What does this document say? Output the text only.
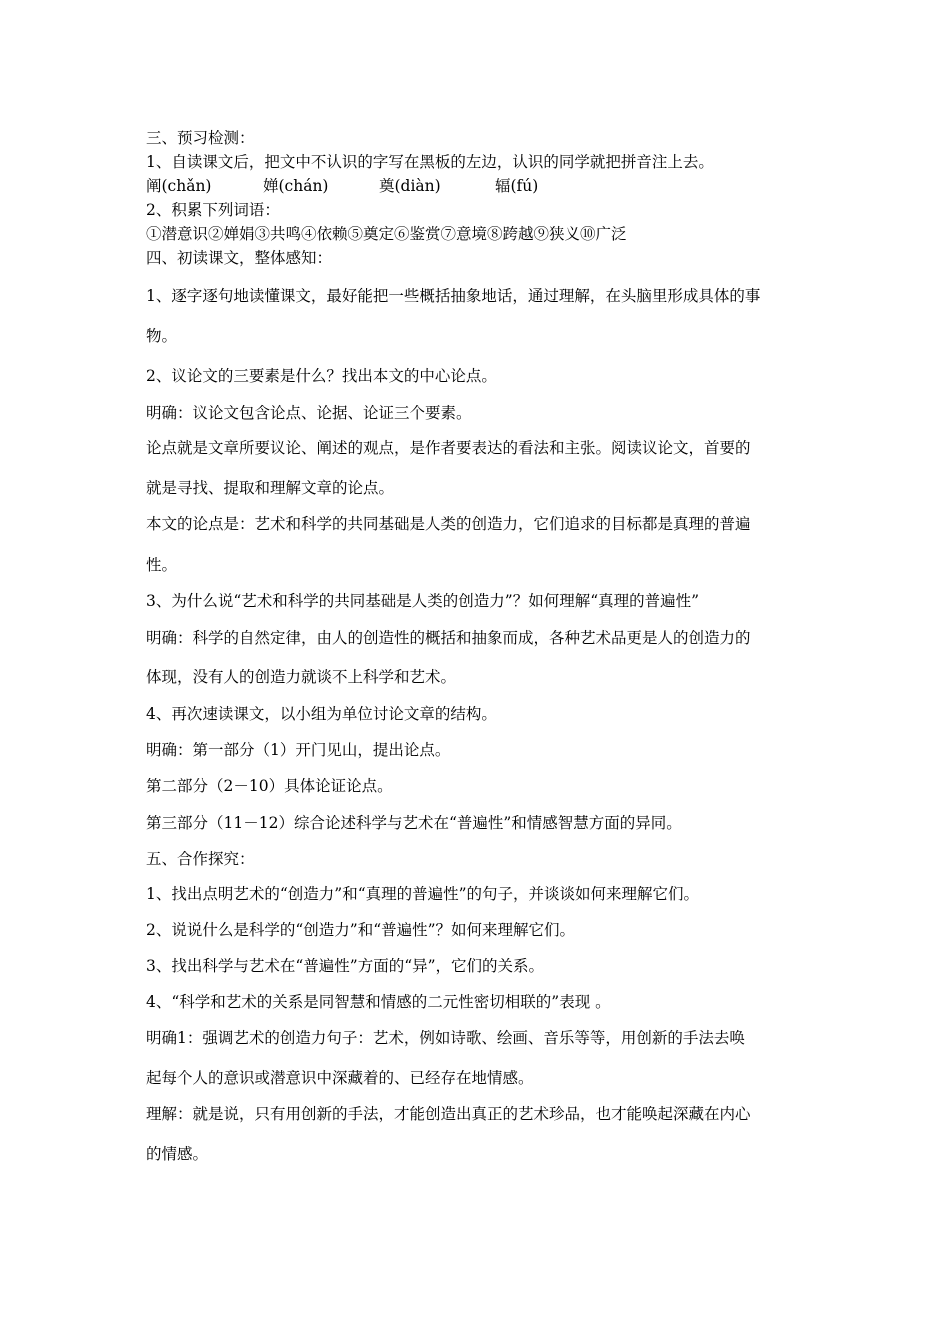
三、预习检测：
1、自读课文后，把文中不认识的字写在黑板的左边，认识的同学就把拼音注上去。
阐(chǎn)	婵(chán)	奠(diàn)	辐(fú)
2、积累下列词语：
①潜意识②婵娟③共鸣④依赖⑤奠定⑥鉴赏⑦意境⑧跨越⑨狭义⑩广泛
四、初读课文，整体感知：
1、逐字逐句地读懂课文，最好能把一些概括抽象地话，通过理解，在头脑里形成具体的事
物。
2、议论文的三要素是什么？找出本文的中心论点。
明确：议论文包含论点、论据、论证三个要素。
论点就是文章所要议论、阐述的观点，是作者要表达的看法和主张。阅读议论文，首要的
就是寻找、提取和理解文章的论点。
本文的论点是：艺术和科学的共同基础是人类的创造力，它们追求的目标都是真理的普遍
性。
3、为什么说“艺术和科学的共同基础是人类的创造力”？如何理解“真理的普遍性”
明确：科学的自然定律，由人的创造性的概括和抽象而成，各种艺术品更是人的创造力的
体现，没有人的创造力就谈不上科学和艺术。
4、再次速读课文，以小组为单位讨论文章的结构。
明确：第一部分（1）开门见山，提出论点。
第二部分（2－10）具体论证论点。
第三部分（11－12）综合论述科学与艺术在“普遍性”和情感智慧方面的异同。
五、合作探究：
1、找出点明艺术的“创造力”和“真理的普遍性”的句子，并谈谈如何来理解它们。
2、说说什么是科学的“创造力”和“普遍性”？如何来理解它们。
3、找出科学与艺术在“普遍性”方面的“异”，它们的关系。
4、“科学和艺术的关系是同智慧和情感的二元性密切相联的”表现 。
明确1：强调艺术的创造力句子：艺术，例如诗歌、绘画、音乐等等，用创新的手法去唤
起每个人的意识或潜意识中深藏着的、已经存在地情感。
理解：就是说，只有用创新的手法，才能创造出真正的艺术珍品，也才能唤起深藏在内心
的情感。
